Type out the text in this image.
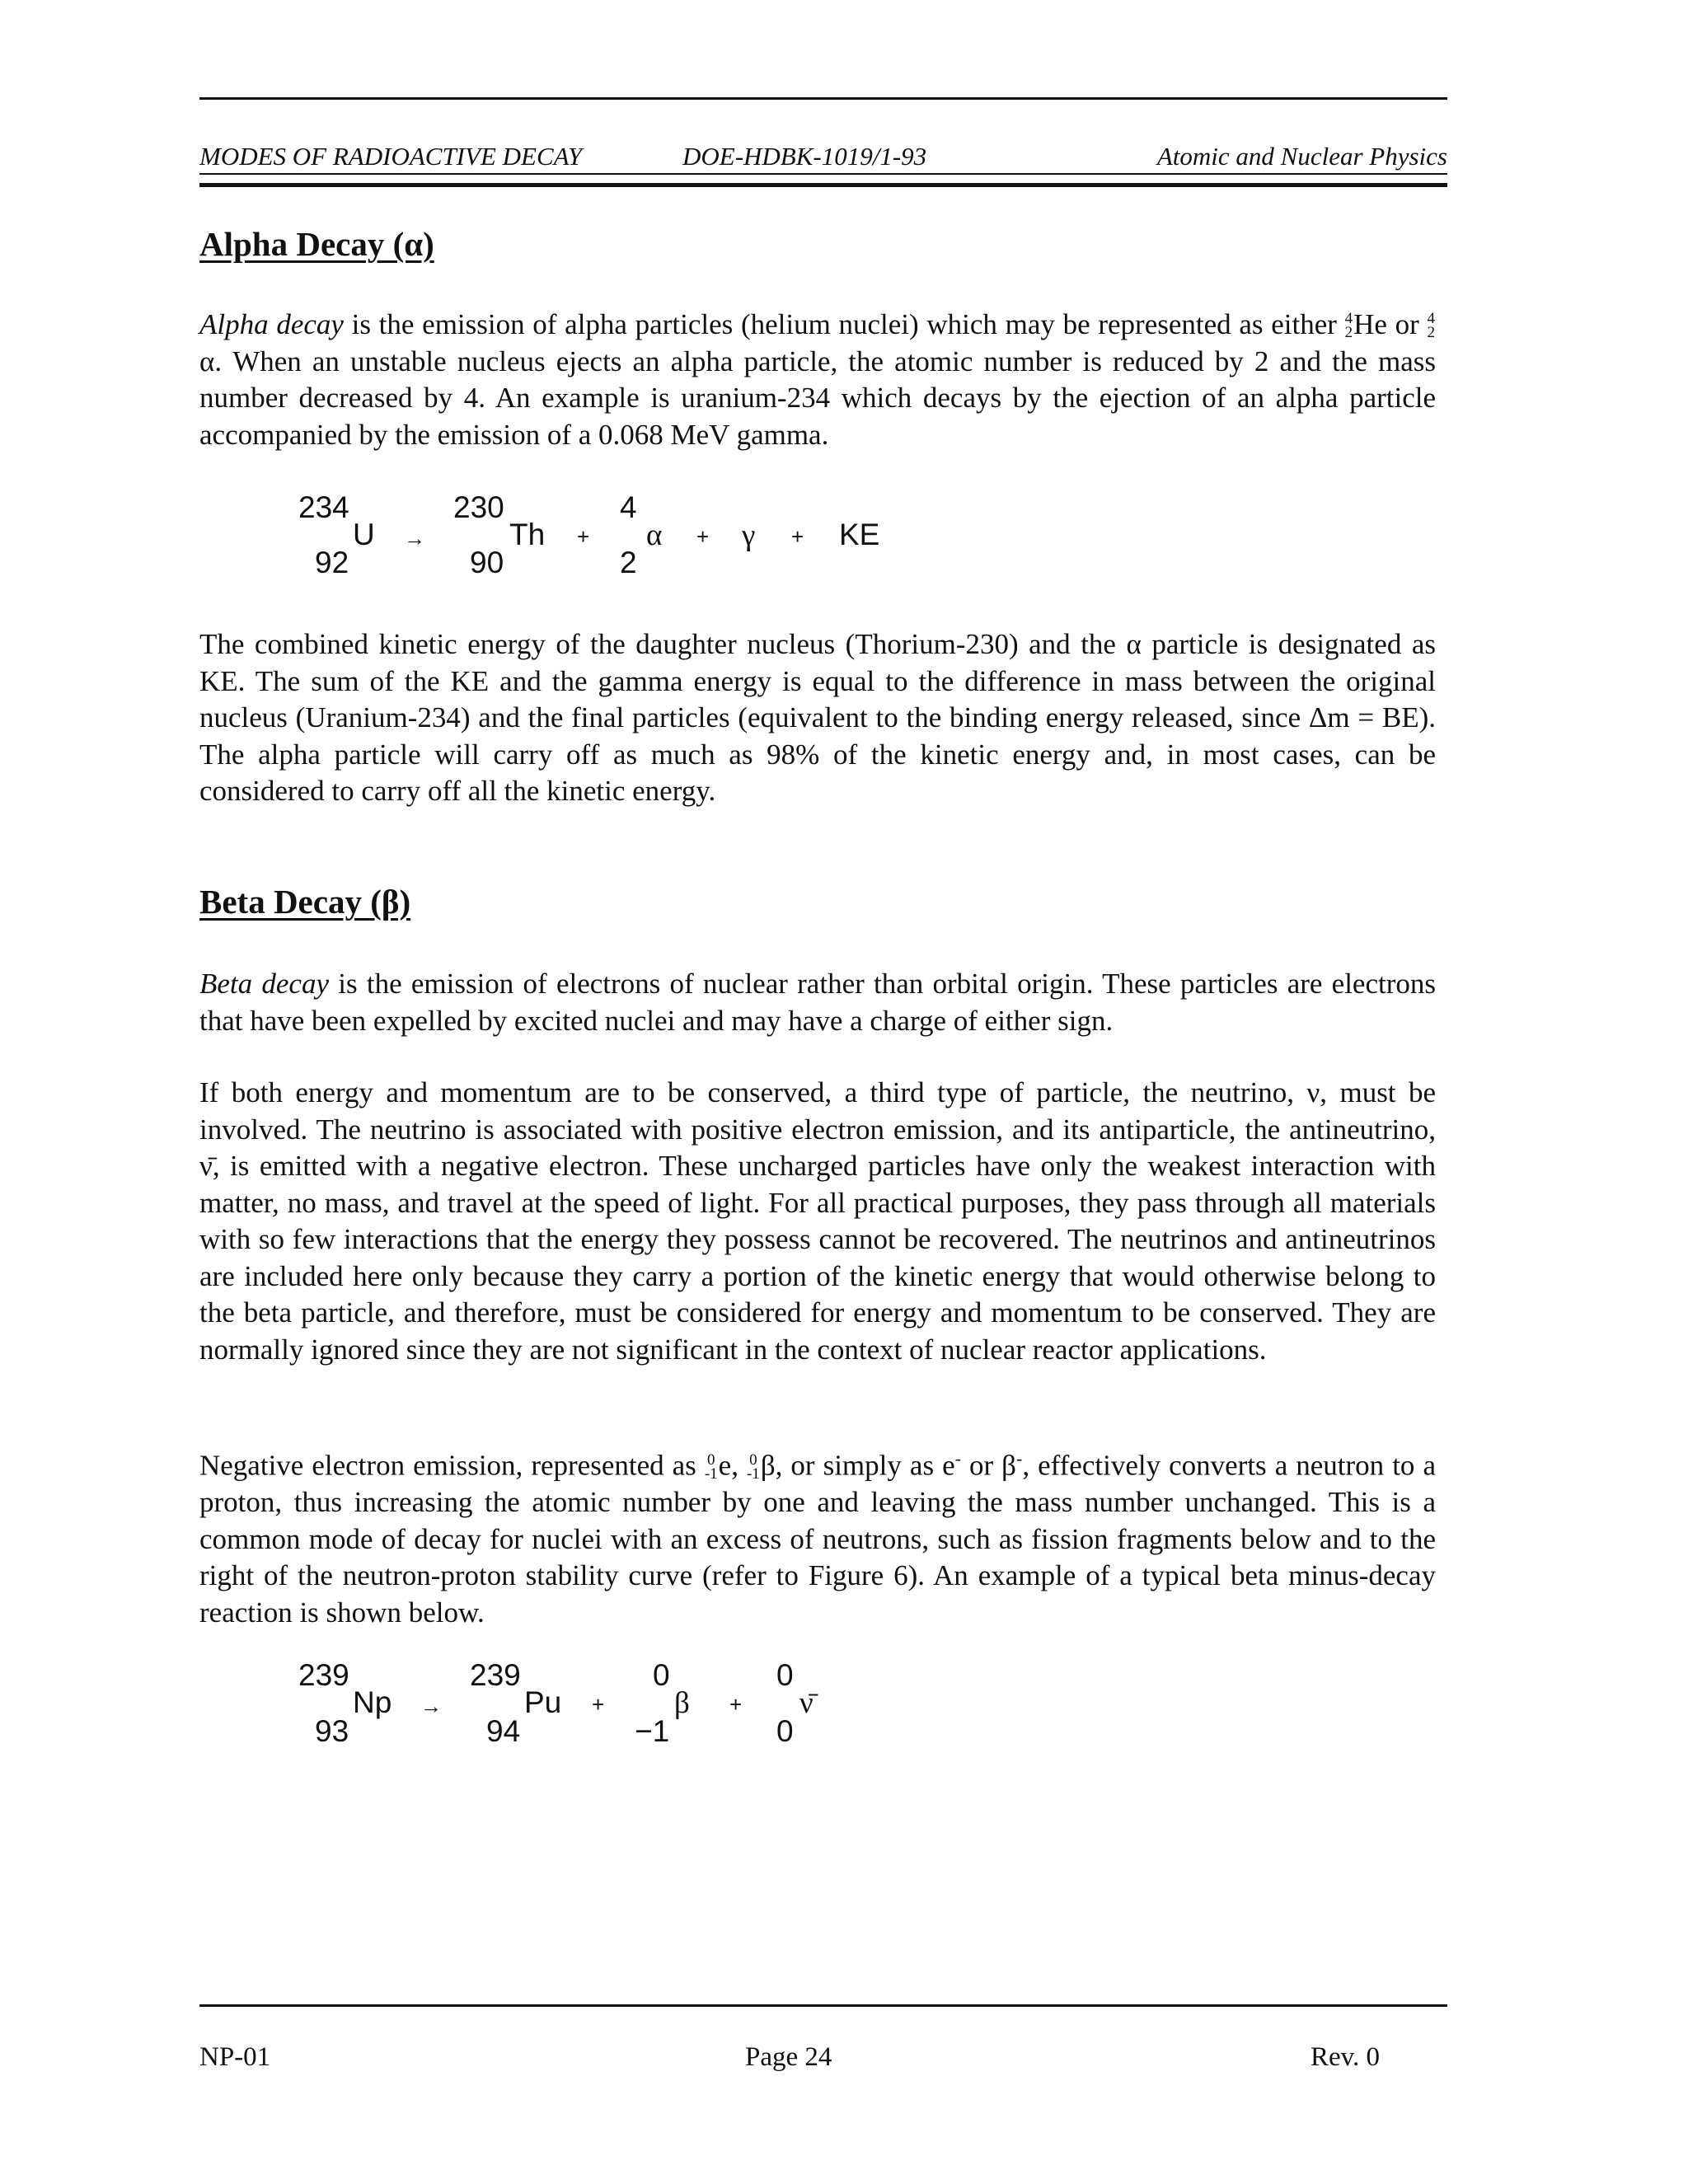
MODES OF RADIOACTIVE DECAY	DOE-HDBK-1019/1-93	Atomic and Nuclear Physics
Alpha Decay (α)

Alpha decay is the emission of alpha particles (helium nuclei) which may be represented as either 4
2 He or 4
2
α. When an unstable nucleus ejects an alpha particle, the atomic number is reduced by 2 and the mass number decreased by 4. An example is uranium-234 which decays by the ejection of an alpha particle accompanied by the emission of a 0.068 MeV gamma.

234
U
92
→
230
Th
90
+
4
α
2
+ γ + KE

The combined kinetic energy of the daughter nucleus (Thorium-230) and the α particle is designated as KE. The sum of the KE and the gamma energy is equal to the difference in mass between the original nucleus (Uranium-234) and the final particles (equivalent to the binding energy released, since Δm = BE). The alpha particle will carry off as much as 98% of the kinetic energy and, in most cases, can be considered to carry off all the kinetic energy.

Beta Decay (β)

Beta decay is the emission of electrons of nuclear rather than orbital origin. These particles are electrons that have been expelled by excited nuclei and may have a charge of either sign.

If both energy and momentum are to be conserved, a third type of particle, the neutrino, ν, must be involved. The neutrino is associated with positive electron emission, and its antiparticle, the antineutrino, ν̄, is emitted with a negative electron. These uncharged particles have only the weakest interaction with matter, no mass, and travel at the speed of light. For all practical purposes, they pass through all materials with so few interactions that the energy they possess cannot be recovered. The neutrinos and antineutrinos are included here only because they carry a portion of the kinetic energy that would otherwise belong to the beta particle, and therefore, must be considered for energy and momentum to be conserved. They are normally ignored since they are not significant in the context of nuclear reactor applications.

Negative electron emission, represented as 0
-1 e, 0
-1 β, or simply as e- or β-, effectively converts a neutron to a proton, thus increasing the atomic number by one and leaving the mass number unchanged. This is a common mode of decay for nuclei with an excess of neutrons, such as fission fragments below and to the right of the neutron-proton stability curve (refer to Figure 6). An example of a typical beta minus-decay reaction is shown below.

239
Np
93
→
239
Pu
94
+
0
β
−1
+
0
ν̄
0
NP-01	Page 24	Rev. 0
